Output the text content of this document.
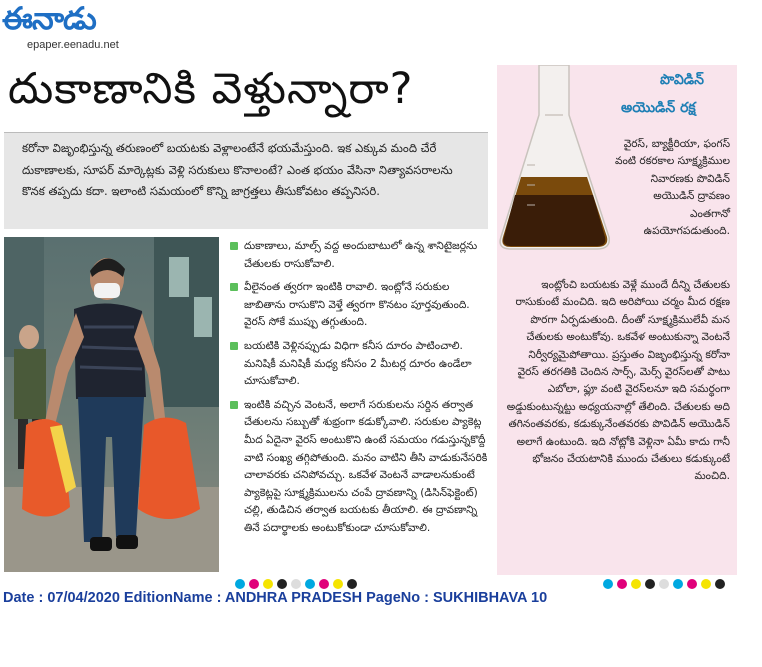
ఈనాడు
epaper.eenadu.net
దుకాణానికి వెళ్తున్నారా?

కరోనా విజృంభిస్తున్న తరుణంలో బయటకు వెళ్లాలంటేనే భయమేస్తుంది. ఇక ఎక్కువ మంది చేరే దుకాణాలకు, సూపర్ మార్కెట్లకు వెళ్లి సరుకులు కొనాలంటే? ఎంత భయం వేసినా నిత్యావసరాలను కొనక తప్పదు కదా. ఇలాంటి సమయంలో కొన్ని జాగ్రత్తలు తీసుకోవటం తప్పనిసరి.

దుకాణాలు, మాల్స్ వద్ద అందుబాటులో ఉన్న శానిటైజర్లను చేతులకు రాసుకోవాలి.
వీలైనంత త్వరగా ఇంటికి రావాలి. ఇంట్లోనే సరుకుల జాబితాను రాసుకొని వెళ్తే త్వరగా కొనటం పూర్తవుతుంది. వైరస్ సోకే ముప్పు తగ్గుతుంది.
బయటికి వెళ్లినప్పుడు విధిగా కనీస దూరం పాటించాలి. మనిషికీ మనిషికీ మధ్య కనీసం 2 మీటర్ల దూరం ఉండేలా చూసుకోవాలి.
ఇంటికి వచ్చిన వెంటనే, అలాగే సరుకులను సర్దిన తర్వాత చేతులను సబ్బుతో శుభ్రంగా కడుక్కోవాలి. సరుకుల ప్యాకెట్ల మీద ఏదైనా వైరస్ అంటుకొని ఉంటే సమయం గడుస్తున్నకొద్దీ వాటి సంఖ్య తగ్గిపోతుంది. మనం వాటిని తీసి వాడుకునేసరికి చాలావరకు చనిపోవచ్చు. ఒకవేళ వెంటనే వాడాలనుకుంటే ప్యాకెట్లపై సూక్ష్మక్రిములను చంపే ద్రావణాన్ని (డిసిన్‌ఫెక్టెంట్) చల్లి, తుడిచిన తర్వాత బయటకు తీయాలి. ఈ ద్రావణాన్ని తినే పదార్థాలకు అంటుకోకుండా చూసుకోవాలి.
పొవిడిన్
అయొడిన్ రక్ష
వైరస్, బ్యాక్టీరియా, ఫంగస్ వంటి రకరకాల సూక్ష్మక్రిముల నివారణకు పొవిడిన్ అయొడిన్ ద్రావణం ఎంతగానో ఉపయోగపడుతుంది.
ఇంట్లోంచి బయటకు వెళ్లే ముందే దీన్ని చేతులకు రాసుకుంటే మంచిది. ఇది అరిపోయి చర్మం మీద రక్షణ పొరగా ఏర్పడుతుంది. దీంతో సూక్ష్మక్రిములేవీ మన చేతులకు అంటుకోవు. ఒకవేళ అంటుకున్నా వెంటనే నిర్వీర్యమైపోతాయి. ప్రస్తుతం విజృంభిస్తున్న కరోనా వైరస్ తరగతికి చెందిన సార్స్, మెర్స్ వైరస్‌లతో పాటు ఎబోలా, ఫ్లూ వంటి వైరస్‌లనూ ఇది సమర్థంగా అడ్డుకుంటున్నట్టు అధ్యయనాల్లో తేలింది. చేతులకు అది తగినంతవరకు, కడుక్కునేంతవరకు పొవిడిన్ అయొడిన్ అలాగే ఉంటుంది. ఇది నోట్లోకి వెళ్లినా ఏమీ కాదు గానీ భోజనం చేయటానికి ముందు చేతులు కడుక్కుంటే మంచిది.
Date : 07/04/2020 EditionName : ANDHRA PRADESH PageNo : SUKHIBHAVA 10
